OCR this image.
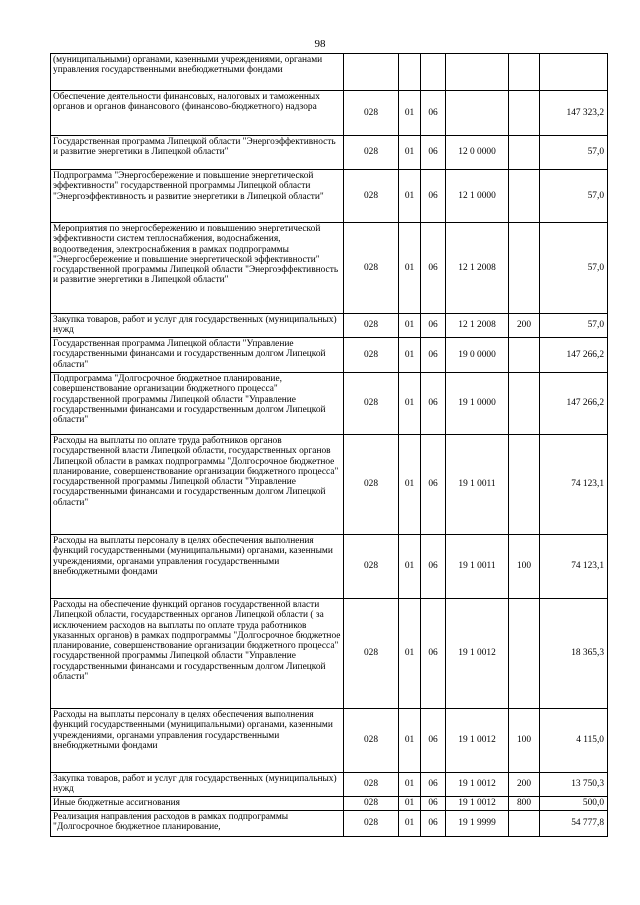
98
(муниципальными) органами, казенными учреждениями, органами управления государственными внебюджетными фондами						
Обеспечение деятельности финансовых, налоговых и таможенных органов и органов финансового (финансово-бюджетного) надзора	028	01	06			147 323,2
Государственная программа Липецкой области "Энергоэффективность и развитие энергетики в Липецкой области"	028	01	06	12 0 0000		57,0
Подпрограмма "Энергосбережение и повышение энергетической эффективности" государственной программы Липецкой области "Энергоэффективность и развитие энергетики в Липецкой области"	028	01	06	12 1 0000		57,0
Мероприятия по энергосбережению и повышению энергетической эффективности систем теплоснабжения, водоснабжения, водоотведения, электроснабжения в рамках подпрограммы "Энергосбережение и повышение энергетической эффективности" государственной программы Липецкой области "Энергоэффективность и развитие энергетики в Липецкой области"	028	01	06	12 1 2008		57,0
Закупка товаров, работ и услуг для государственных (муниципальных) нужд	028	01	06	12 1 2008	200	57,0
Государственная программа Липецкой области "Управление государственными финансами и государственным долгом Липецкой области"	028	01	06	19 0 0000		147 266,2
Подпрограмма "Долгосрочное бюджетное планирование, совершенствование организации бюджетного процесса" государственной программы Липецкой области "Управление государственными финансами и государственным долгом Липецкой области"	028	01	06	19 1 0000		147 266,2
Расходы на выплаты по оплате труда работников органов государственной власти Липецкой области, государственных органов Липецкой области в рамках подпрограммы "Долгосрочное бюджетное планирование, совершенствование организации бюджетного процесса" государственной программы Липецкой области "Управление государственными финансами и государственным долгом Липецкой области"	028	01	06	19 1 0011		74 123,1
Расходы на выплаты персоналу в целях обеспечения выполнения функций государственными (муниципальными) органами, казенными учреждениями, органами управления государственными внебюджетными фондами	028	01	06	19 1 0011	100	74 123,1
Расходы на обеспечение функций органов государственной власти Липецкой области, государственных органов Липецкой области ( за исключением расходов на выплаты по оплате труда работников указанных органов) в рамках подпрограммы "Долгосрочное бюджетное планирование, совершенствование организации бюджетного процесса" государственной программы Липецкой области "Управление государственными финансами и государственным долгом Липецкой области"	028	01	06	19 1 0012		18 365,3
Расходы на выплаты персоналу в целях обеспечения выполнения функций государственными (муниципальными) органами, казенными учреждениями, органами управления государственными внебюджетными фондами	028	01	06	19 1 0012	100	4 115,0
Закупка товаров, работ и услуг для государственных (муниципальных) нужд	028	01	06	19 1 0012	200	13 750,3
Иные бюджетные ассигнования	028	01	06	19 1 0012	800	500,0
Реализация направления расходов в рамках подпрограммы "Долгосрочное бюджетное планирование,	028	01	06	19 1 9999		54 777,8
